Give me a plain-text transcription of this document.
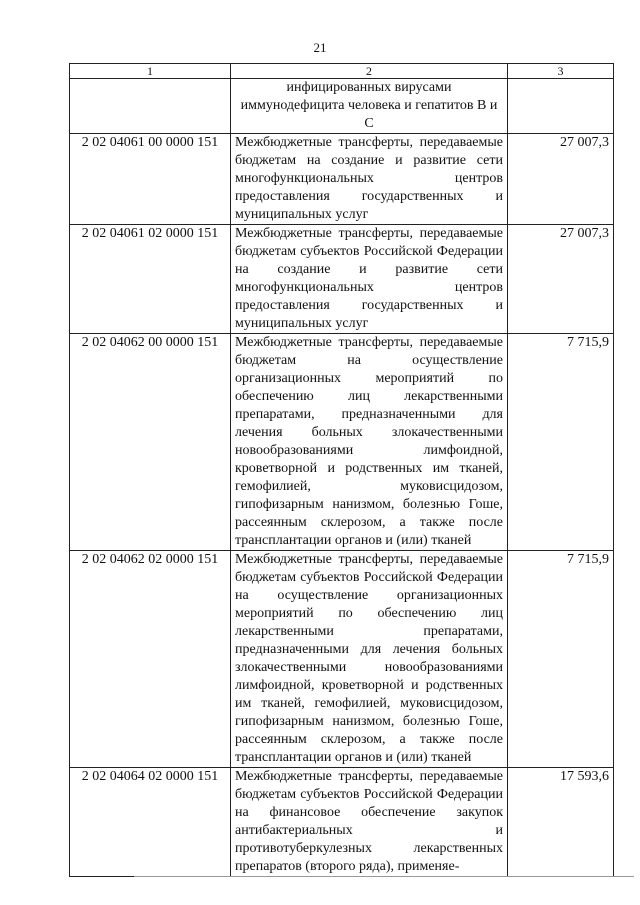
21
1	2	3
	инфицированных вирусами иммунодефицита человека и гепатитов В и С	
2 02 04061 00 0000 151	Межбюджетные трансферты, передаваемые бюджетам на создание и развитие сети многофункциональных центров предоставления государственных и муниципальных услуг	27 007,3
2 02 04061 02 0000 151	Межбюджетные трансферты, передаваемые бюджетам субъектов Российской Федерации на создание и развитие сети многофункциональных центров предоставления государственных и муниципальных услуг	27 007,3
2 02 04062 00 0000 151	Межбюджетные трансферты, передаваемые бюджетам на осуществление организационных мероприятий по обеспечению лиц лекарственными препаратами, предназначенными для лечения больных злокачественными новообразованиями лимфоидной, кроветворной и родственных им тканей, гемофилией, муковисцидозом, гипофизарным нанизмом, болезнью Гоше, рассеянным склерозом, а также после трансплантации органов и (или) тканей	7 715,9
2 02 04062 02 0000 151	Межбюджетные трансферты, передаваемые бюджетам субъектов Российской Федерации на осуществление организационных мероприятий по обеспечению лиц лекарственными препаратами, предназначенными для лечения больных злокачественными новообразованиями лимфоидной, кроветворной и родственных им тканей, гемофилией, муковисцидозом, гипофизарным нанизмом, болезнью Гоше, рассеянным склерозом, а также после трансплантации органов и (или) тканей	7 715,9
2 02 04064 02 0000 151	Межбюджетные трансферты, передаваемые бюджетам субъектов Российской Федерации на финансовое обеспечение закупок антибактериальных и противотуберкулезных лекарственных препаратов (второго ряда), применяе-	17 593,6
